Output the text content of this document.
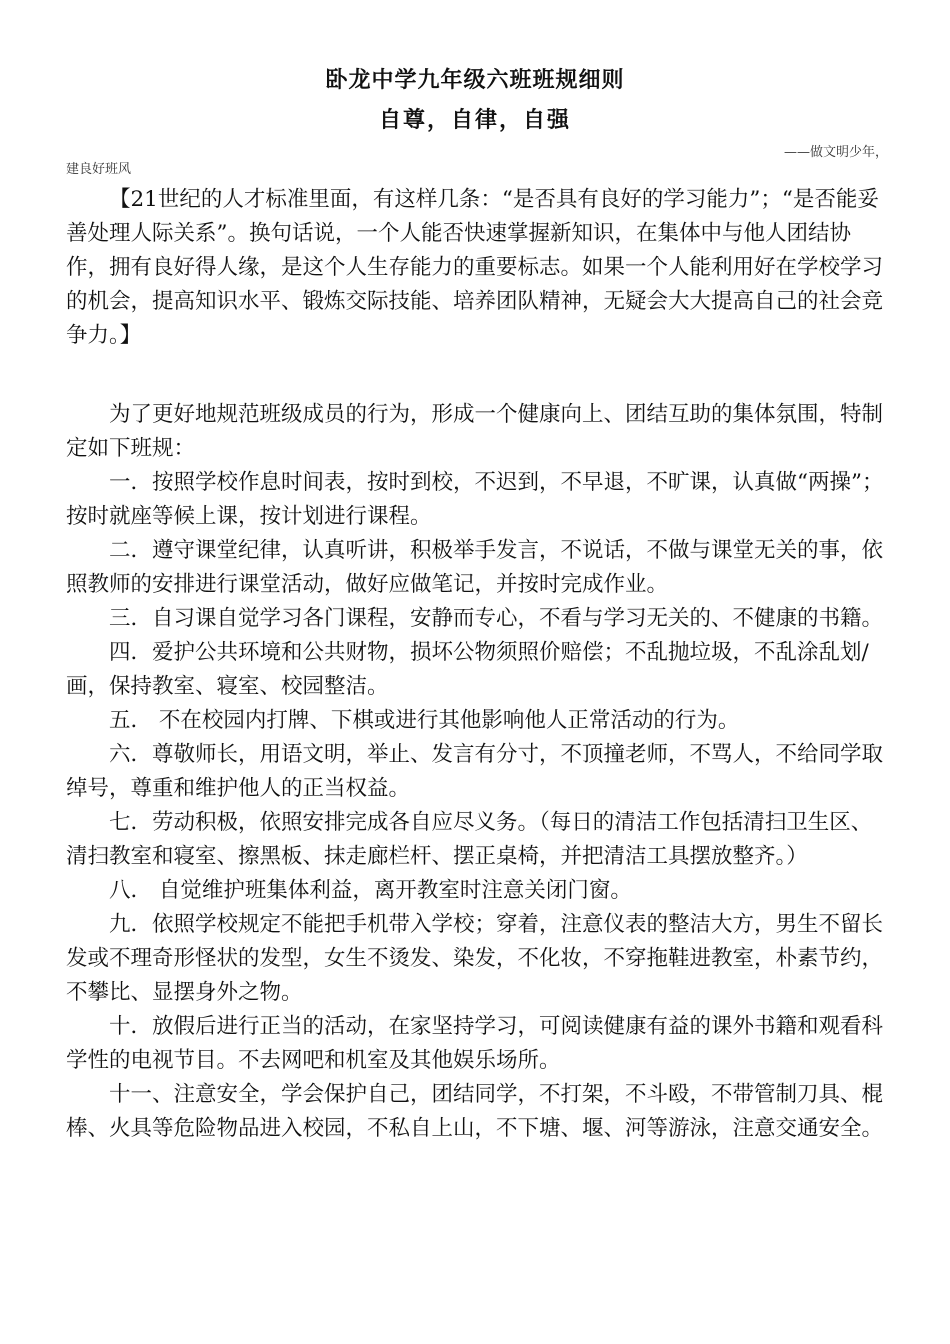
卧龙中学九年级六班班规细则
自尊，自律，自强
——做文明少年，
建良好班风

【21世纪的人才标准里面，有这样几条：“是否具有良好的学习能力”；“是否能妥善处理人际关系”。换句话说，一个人能否快速掌握新知识，在集体中与他人团结协作，拥有良好得人缘，是这个人生存能力的重要标志。如果一个人能利用好在学校学习的机会，提高知识水平、锻炼交际技能、培养团队精神，无疑会大大提高自己的社会竞争力。】

为了更好地规范班级成员的行为，形成一个健康向上、团结互助的集体氛围，特制定如下班规：

一．按照学校作息时间表，按时到校，不迟到，不早退，不旷课，认真做“两操”；按时就座等候上课，按计划进行课程。

二．遵守课堂纪律，认真听讲，积极举手发言，不说话，不做与课堂无关的事，依照教师的安排进行课堂活动，做好应做笔记，并按时完成作业。

三．自习课自觉学习各门课程，安静而专心，不看与学习无关的、不健康的书籍。

四．爱护公共环境和公共财物，损坏公物须照价赔偿；不乱抛垃圾，不乱涂乱划/画，保持教室、寝室、校园整洁。

五． 不在校园内打牌、下棋或进行其他影响他人正常活动的行为。

六．尊敬师长，用语文明，举止、发言有分寸，不顶撞老师，不骂人，不给同学取绰号，尊重和维护他人的正当权益。

七．劳动积极，依照安排完成各自应尽义务。（每日的清洁工作包括清扫卫生区、清扫教室和寝室、擦黑板、抹走廊栏杆、摆正桌椅，并把清洁工具摆放整齐。）

八． 自觉维护班集体利益，离开教室时注意关闭门窗。

九．依照学校规定不能把手机带入学校；穿着，注意仪表的整洁大方，男生不留长发或不理奇形怪状的发型，女生不烫发、染发，不化妆，不穿拖鞋进教室，朴素节约，不攀比、显摆身外之物。

十．放假后进行正当的活动，在家坚持学习，可阅读健康有益的课外书籍和观看科学性的电视节目。不去网吧和机室及其他娱乐场所。

十一、注意安全，学会保护自己，团结同学，不打架，不斗殴，不带管制刀具、棍棒、火具等危险物品进入校园，不私自上山，不下塘、堰、河等游泳，注意交通安全。
